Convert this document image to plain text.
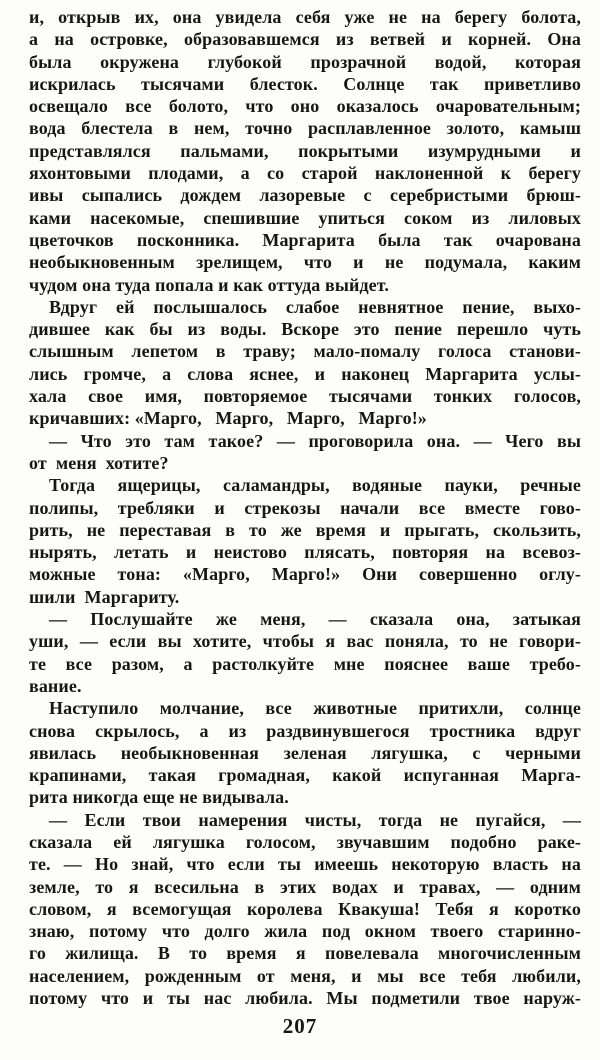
и, открыв их, она увидела себя уже не на берегу болота,
а на островке, образовавшемся из ветвей и корней. Она
была окружена глубокой прозрачной водой, которая
искрилась тысячами блесток. Солнце так приветливо
освещало все болото, что оно оказалось очаровательным;
вода блестела в нем, точно расплавленное золото, камыш
представлялся пальмами, покрытыми изумрудными и
яхонтовыми плодами, а со старой наклоненной к берегу
ивы сыпались дождем лазоревые с серебристыми брюш-
ками насекомые, спешившие упиться соком из лиловых
цветочков посконника. Маргарита была так очарована
необыкновенным зрелищем, что и не подумала, каким
чудом она туда попала и как оттуда выйдет.
Вдруг ей послышалось слабое невнятное пение, выхо-
дившее как бы из воды. Вскоре это пение перешло чуть
слышным лепетом в траву; мало-помалу голоса станови-
лись громче, а слова яснее, и наконец Маргарита услы-
хала свое имя, повторяемое тысячами тонких голосов,
кричавших: «Марго,  Марго,  Марго,  Марго!»
— Что это там такое? — проговорила она. — Чего вы
от меня хотите?
Тогда ящерицы, саламандры, водяные пауки, речные
полипы, требляки и стрекозы начали все вместе гово-
рить, не переставая в то же время и прыгать, скользить,
нырять, летать и неистово плясать, повторяя на всевоз-
можные тона: «Марго, Марго!» Они совершенно оглу-
шили Маргариту.
— Послушайте же меня, — сказала она, затыкая
уши, — если вы хотите, чтобы я вас поняла, то не говори-
те все разом, а растолкуйте мне пояснее ваше требо-
вание.
Наступило молчание, все животные притихли, солнце
снова скрылось, а из раздвинувшегося тростника вдруг
явилась необыкновенная зеленая лягушка, с черными
крапинами, такая громадная, какой испуганная Марга-
рита никогда еще не видывала.
— Если твои намерения чисты, тогда не пугайся, —
сказала ей лягушка голосом, звучавшим подобно раке-
те. — Но знай, что если ты имеешь некоторую власть на
земле, то я всесильна в этих водах и травах, — одним
словом, я всемогущая королева Квакуша! Тебя я коротко
знаю, потому что долго жила под окном твоего старинно-
го жилища. В то время я повелевала многочисленным
населением, рожденным от меня, и мы все тебя любили,
потому что и ты нас любила. Мы подметили твое наруж-
207
